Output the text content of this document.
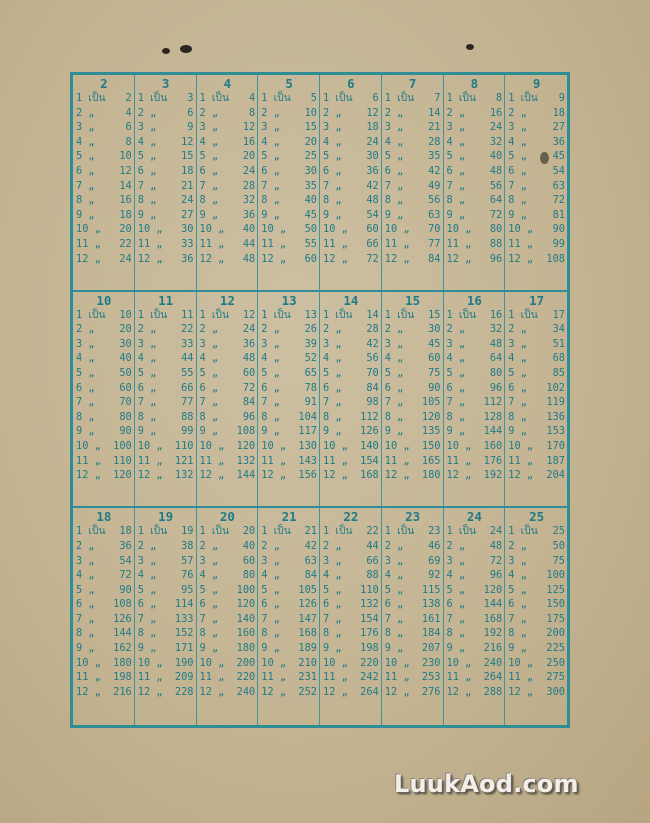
2
1 เป็น 2
2 „	4
3 „	6
4 „	8
5 „ 10
6 „ 12
7 „ 14
8 „ 16
9 „ 18
10 „ 20
11 „ 22
12 „ 24
3
1 เป็น 3
2 „	6
3 „	9
4 „ 12
5 „ 15
6 „ 18
7 „ 21
8 „ 24
9 „ 27
10 „ 30
11 „ 33
12 „ 36
4
1 เป็น 4
2 „	8
3 „ 12
4 „ 16
5 „ 20
6 „ 24
7 „ 28
8 „ 32
9 „ 36
10 „ 40
11 „ 44
12 „ 48
5
1 เป็น 5
2 „ 10
3 „ 15
4 „ 20
5 „ 25
6 „ 30
7 „ 35
8 „ 40
9 „ 45
10 „ 50
11 „ 55
12 „ 60
6
1 เป็น 6
2 „ 12
3 „ 18
4 „ 24
5 „ 30
6 „ 36
7 „ 42
8 „ 48
9 „ 54
10 „ 60
11 „ 66
12 „ 72
7
1 เป็น 7
2 „ 14
3 „ 21
4 „ 28
5 „ 35
6 „ 42
7 „ 49
8 „ 56
9 „ 63
10 „ 70
11 „ 77
12 „ 84
8
1 เป็น 8
2 „ 16
3 „ 24
4 „ 32
5 „ 40
6 „ 48
7 „ 56
8 „ 64
9 „ 72
10 „ 80
11 „ 88
12 „ 96
9
1 เป็น 9
2 „ 18
3 „ 27
4 „ 36
5 „ 45
6 „ 54
7 „ 63
8 „ 72
9 „ 81
10 „ 90
11 „ 99
12 „ 108
10
1 เป็น 10
2 „ 20
3 „ 30
4 „ 40
5 „ 50
6 „ 60
7 „ 70
8 „ 80
9 „ 90
10 „ 100
11 „ 110
12 „ 120
11
1 เป็น 11
2 „ 22
3 „ 33
4 „ 44
5 „ 55
6 „ 66
7 „ 77
8 „ 88
9 „ 99
10 „ 110
11 „ 121
12 „ 132
12
1 เป็น 12
2 „ 24
3 „ 36
4 „ 48
5 „ 60
6 „ 72
7 „ 84
8 „ 96
9 „ 108
10 „ 120
11 „ 132
12 „ 144
13
1 เป็น 13
2 „ 26
3 „ 39
4 „ 52
5 „ 65
6 „ 78
7 „ 91
8 „ 104
9 „ 117
10 „ 130
11 „ 143
12 „ 156
14
1 เป็น 14
2 „ 28
3 „ 42
4 „ 56
5 „ 70
6 „ 84
7 „ 98
8 „ 112
9 „ 126
10 „ 140
11 „ 154
12 „ 168
15
1 เป็น 15
2 „ 30
3 „ 45
4 „ 60
5 „ 75
6 „ 90
7 „ 105
8 „ 120
9 „ 135
10 „ 150
11 „ 165
12 „ 180
16
1 เป็น 16
2 „ 32
3 „ 48
4 „ 64
5 „ 80
6 „ 96
7 „ 112
8 „ 128
9 „ 144
10 „ 160
11 „ 176
12 „ 192
17
1 เป็น 17
2 „ 34
3 „ 51
4 „ 68
5 „ 85
6 „ 102
7 „ 119
8 „ 136
9 „ 153
10 „ 170
11 „ 187
12 „ 204
18
1 เป็น 18
2 „ 36
3 „ 54
4 „ 72
5 „ 90
6 „ 108
7 „ 126
8 „ 144
9 „ 162
10 „ 180
11 „ 198
12 „ 216
19
1 เป็น 19
2 „ 38
3 „ 57
4 „ 76
5 „ 95
6 „ 114
7 „ 133
8 „ 152
9 „ 171
10 „ 190
11 „ 209
12 „ 228
20
1 เป็น 20
2 „ 40
3 „ 60
4 „ 80
5 „ 100
6 „ 120
7 „ 140
8 „ 160
9 „ 180
10 „ 200
11 „ 220
12 „ 240
21
1 เป็น 21
2 „ 42
3 „ 63
4 „ 84
5 „ 105
6 „ 126
7 „ 147
8 „ 168
9 „ 189
10 „ 210
11 „ 231
12 „ 252
22
1 เป็น 22
2 „ 44
3 „ 66
4 „ 88
5 „ 110
6 „ 132
7 „ 154
8 „ 176
9 „ 198
10 „ 220
11 „ 242
12 „ 264
23
1 เป็น 23
2 „ 46
3 „ 69
4 „ 92
5 „ 115
6 „ 138
7 „ 161
8 „ 184
9 „ 207
10 „ 230
11 „ 253
12 „ 276
24
1 เป็น 24
2 „ 48
3 „ 72
4 „ 96
5 „ 120
6 „ 144
7 „ 168
8 „ 192
9 „ 216
10 „ 240
11 „ 264
12 „ 288
25
1 เป็น 25
2 „ 50
3 „ 75
4 „ 100
5 „ 125
6 „ 150
7 „ 175
8 „ 200
9 „ 225
10 „ 250
11 „ 275
12 „ 300
LuukAod.com
